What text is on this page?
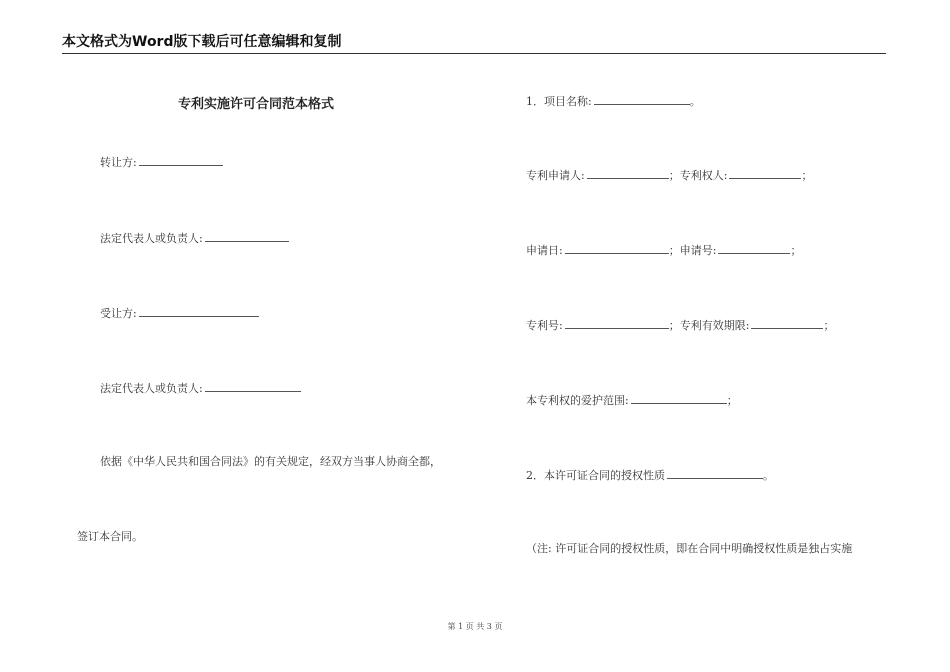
本文格式为Word版下载后可任意编辑和复制
专利实施许可合同范本格式
转让方:
法定代表人或负责人:
受让方:
法定代表人或负责人:
依据《中华人民共和国合同法》的有关规定，经双方当事人协商全都，
签订本合同。
1．项目名称:	。
专利申请人:	；专利权人:	；
申请日:	；申请号:	；
专利号:	；专利有效期限:	；
本专利权的爱护范围:	；
2．本许可证合同的授权性质	。
（注: 许可证合同的授权性质，即在合同中明确授权性质是独占实施
第 1 页 共 3 页
